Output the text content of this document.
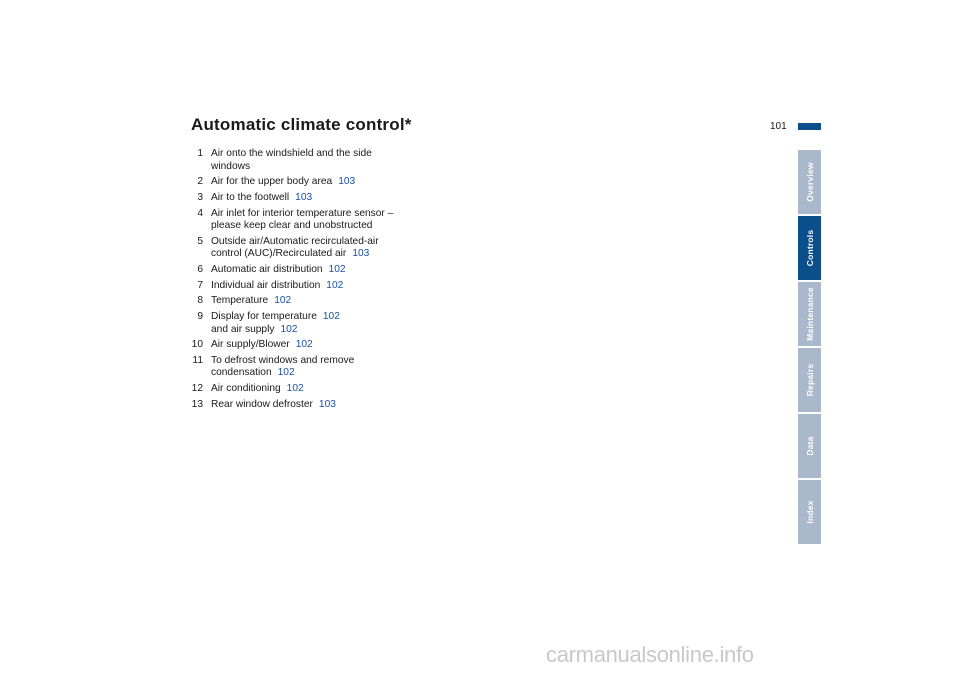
Automatic climate control*	101
1 Air onto the windshield and the side windows
2 Air for the upper body area 103
3 Air to the footwell 103
4 Air inlet for interior temperature sensor – please keep clear and unobstructed
5 Outside air/Automatic recirculated-air control (AUC)/Recirculated air 103
6 Automatic air distribution 102
7 Individual air distribution 102
8 Temperature 102
9 Display for temperature 102
and air supply 102
10 Air supply/Blower 102
11 To defrost windows and remove condensation 102
12 Air conditioning 102
13 Rear window defroster 103
Overview
Controls
Maintenance
Repairs
Data
Index
carmanualsonline.info
